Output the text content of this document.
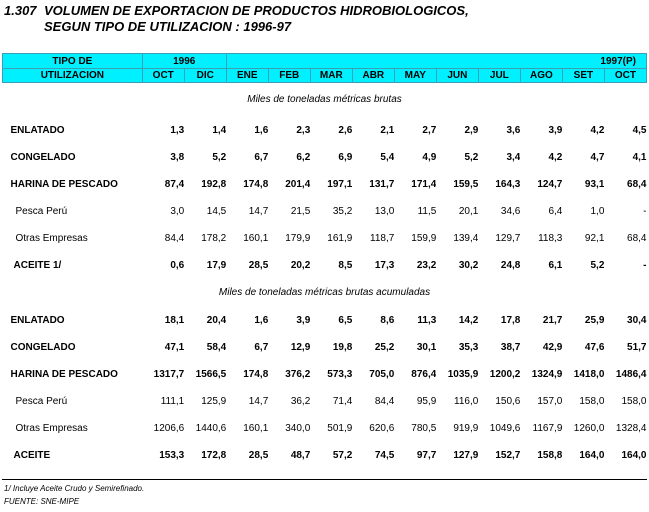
1.307 VOLUMEN DE EXPORTACION DE PRODUCTOS HIDROBIOLOGICOS,
SEGUN TIPO DE UTILIZACION : 1996-97
TIPO DE	1996		1997(P)									
UTILIZACION	OCT	DIC	ENE	FEB	MAR	ABR	MAY	JUN	JUL	AGO	SET	OCT
Miles de toneladas métricas brutas												
ENLATADO	1,3	1,4	1,6	2,3	2,6	2,1	2,7	2,9	3,6	3,9	4,2	4,5
CONGELADO	3,8	5,2	6,7	6,2	6,9	5,4	4,9	5,2	3,4	4,2	4,7	4,1
HARINA DE PESCADO	87,4	192,8	174,8	201,4	197,1	131,7	171,4	159,5	164,3	124,7	93,1	68,4
Pesca Perú	3,0	14,5	14,7	21,5	35,2	13,0	11,5	20,1	34,6	6,4	1,0	-
Otras Empresas	84,4	178,2	160,1	179,9	161,9	118,7	159,9	139,4	129,7	118,3	92,1	68,4
ACEITE 1/	0,6	17,9	28,5	20,2	8,5	17,3	23,2	30,2	24,8	6,1	5,2	-
Miles de toneladas métricas brutas acumuladas												
ENLATADO	18,1	20,4	1,6	3,9	6,5	8,6	11,3	14,2	17,8	21,7	25,9	30,4
CONGELADO	47,1	58,4	6,7	12,9	19,8	25,2	30,1	35,3	38,7	42,9	47,6	51,7
HARINA DE PESCADO	1317,7	1566,5	174,8	376,2	573,3	705,0	876,4	1035,9	1200,2	1324,9	1418,0	1486,4
Pesca Perú	111,1	125,9	14,7	36,2	71,4	84,4	95,9	116,0	150,6	157,0	158,0	158,0
Otras Empresas	1206,6	1440,6	160,1	340,0	501,9	620,6	780,5	919,9	1049,6	1167,9	1260,0	1328,4
ACEITE	153,3	172,8	28,5	48,7	57,2	74,5	97,7	127,9	152,7	158,8	164,0	164,0
1/ Incluye Aceite Crudo y Semirefinado.
FUENTE: SNE-MIPE
